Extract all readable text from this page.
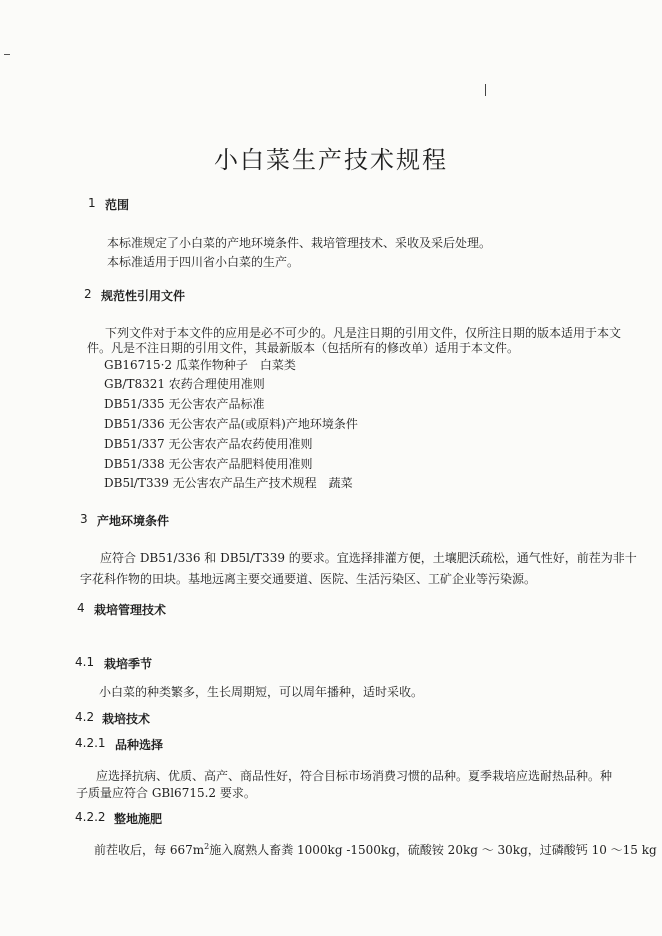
小白菜生产技术规程
1 范围
本标准规定了小白菜的产地环境条件、栽培管理技术、采收及采后处理。
本标准适用于四川省小白菜的生产。
2 规范性引用文件
下列文件对于本文件的应用是必不可少的。凡是注日期的引用文件，仅所注日期的版本适用于本文
件。凡是不注日期的引用文件，其最新版本（包括所有的修改单）适用于本文件。
GB16715·2 瓜菜作物种子　白菜类
GB/T8321 农药合理使用准则
DB51/335 无公害农产品标准
DB51/336 无公害农产品(或原料)产地环境条件
DB51/337 无公害农产品农药使用准则
DB51/338 无公害农产品肥料使用准则
DB5l/T339 无公害农产品生产技术规程　蔬菜
3 产地环境条件
应符合 DB51/336 和 DB5l/T339 的要求。宜选择排灌方便，土壤肥沃疏松，通气性好，前茬为非十
字花科作物的田块。基地远离主要交通要道、医院、生活污染区、工矿企业等污染源。
4 栽培管理技术
4.1 栽培季节
小白菜的种类繁多，生长周期短，可以周年播种，适时采收。
4.2 栽培技术
4.2.1 品种选择
应选择抗病、优质、高产、商品性好，符合目标市场消费习惯的品种。夏季栽培应选耐热品种。种
子质量应符合 GBl6715.2 要求。
4.2.2 整地施肥
前茬收后，每 $667m^2$施入腐熟人畜粪 1000kg -1500kg，硫酸铵 20kg ～ 30kg，过磷酸钙 10 ～15 kg
